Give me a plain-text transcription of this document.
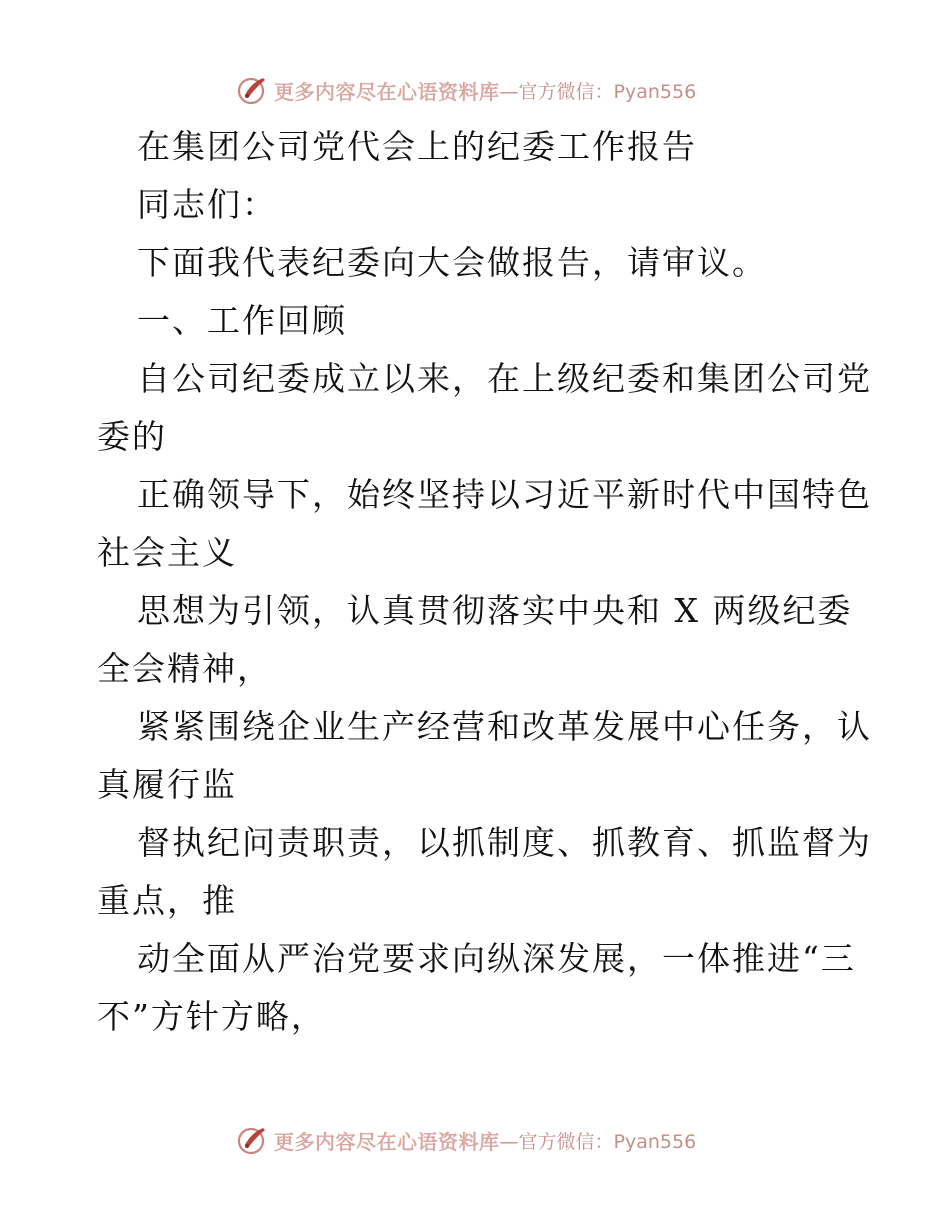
更多内容尽在心语资料库 —官方微信：Pyan556
在集团公司党代会上的纪委工作报告
同志们：
下面我代表纪委向大会做报告，请审议。
一、工作回顾
自公司纪委成立以来，在上级纪委和集团公司党
委的
正确领导下，始终坚持以习近平新时代中国特色
社会主义
思想为引领，认真贯彻落实中央和 X 两级纪委
全会精神，
紧紧围绕企业生产经营和改革发展中心任务，认
真履行监
督执纪问责职责，以抓制度、抓教育、抓监督为
重点，推
动全面从严治党要求向纵深发展，一体推进“三
不”方针方略，
更多内容尽在心语资料库 —官方微信：Pyan556
